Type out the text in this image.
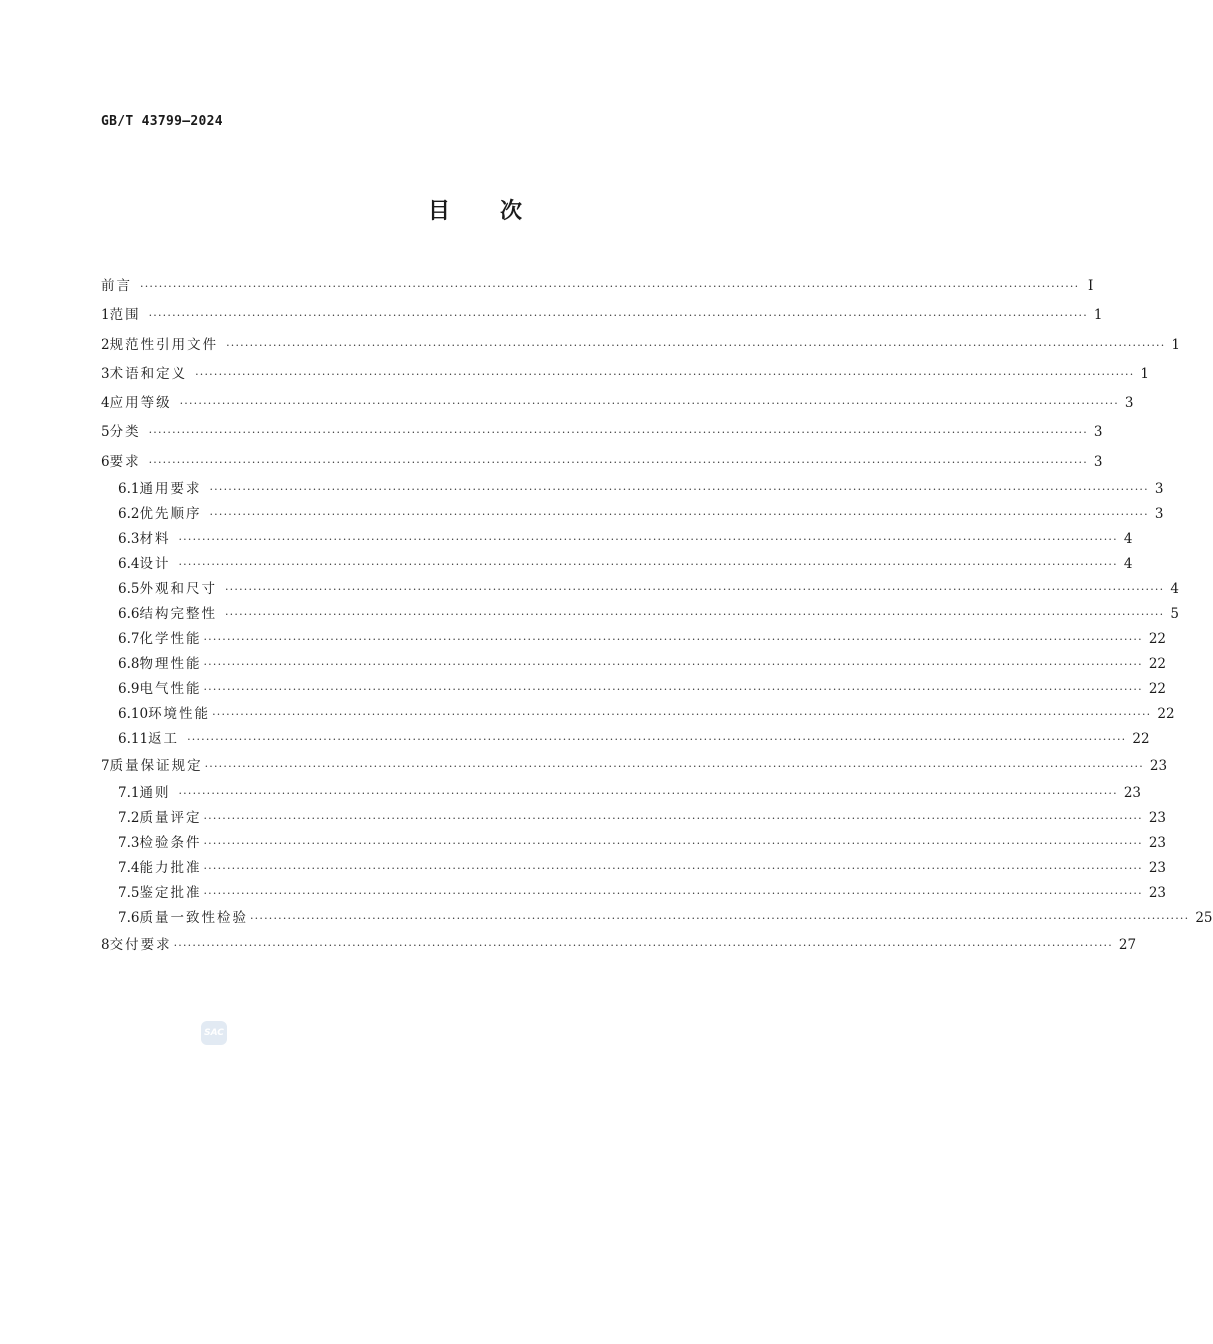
GB/T 43799—2024
目次
前言 ········································································································································································································ Ⅰ
1 范围 ········································································································································································································ 1
2 规范性引用文件 ········································································································································································································ 1
3 术语和定义 ········································································································································································································ 1
4 应用等级 ········································································································································································································ 3
5 分类 ········································································································································································································ 3
6 要求 ········································································································································································································ 3
6.1 通用要求 ········································································································································································································ 3
6.2 优先顺序 ········································································································································································································ 3
6.3 材料 ········································································································································································································ 4
6.4 设计 ········································································································································································································ 4
6.5 外观和尺寸 ········································································································································································································ 4
6.6 结构完整性 ········································································································································································································ 5
6.7 化学性能 ········································································································································································································ 22
6.8 物理性能 ········································································································································································································ 22
6.9 电气性能 ········································································································································································································ 22
6.10 环境性能 ········································································································································································································ 22
6.11 返工 ········································································································································································································ 22
7 质量保证规定 ········································································································································································································ 23
7.1 通则 ········································································································································································································ 23
7.2 质量评定 ········································································································································································································ 23
7.3 检验条件 ········································································································································································································ 23
7.4 能力批准 ········································································································································································································ 23
7.5 鉴定批准 ········································································································································································································ 23
7.6 质量一致性检验 ········································································································································································································ 25
8 交付要求 ········································································································································································································ 27
SAC
